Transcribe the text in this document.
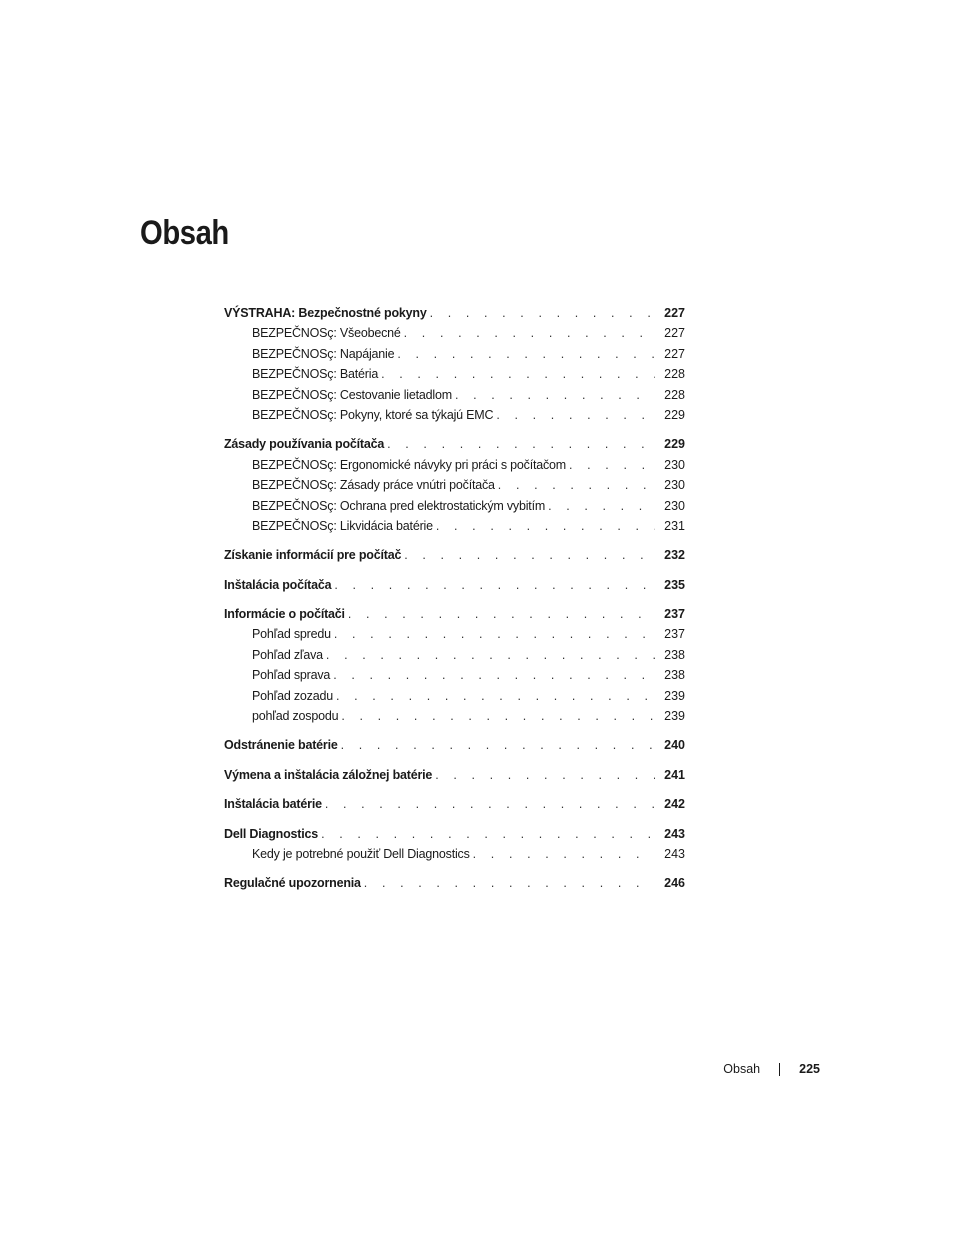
Obsah
VÝSTRAHA: Bezpečnostné pokyny . . .	227
BEZPEČNOSç: Všeobecné . . .	227
BEZPEČNOSç: Napájanie . . .	227
BEZPEČNOSç: Batéria . . .	228
BEZPEČNOSç: Cestovanie lietadlom . . .	228
BEZPEČNOSç: Pokyny, ktoré sa týkajú EMC . . .	229
Zásady používania počítača . . .	229
BEZPEČNOSç: Ergonomické návyky pri práci s počítačom . . .	230
BEZPEČNOSç: Zásady práce vnútri počítača . . .	230
BEZPEČNOSç: Ochrana pred elektrostatickým vybitím . . .	230
BEZPEČNOSç: Likvidácia batérie . . .	231
Získanie informácií pre počítač . . .	232
Inštalácia počítača . . .	235
Informácie o počítači . . .	237
Pohľad spredu . . .	237
Pohľad zľava . . .	238
Pohľad sprava . . .	238
Pohľad zozadu . . .	239
pohľad zospodu . . .	239
Odstránenie batérie . . .	240
Výmena a inštalácia záložnej batérie . . .	241
Inštalácia batérie . . .	242
Dell Diagnostics . . .	243
Kedy je potrebné použiť Dell Diagnostics . . .	243
Regulačné upozornenia . . .	246
Obsah	225
